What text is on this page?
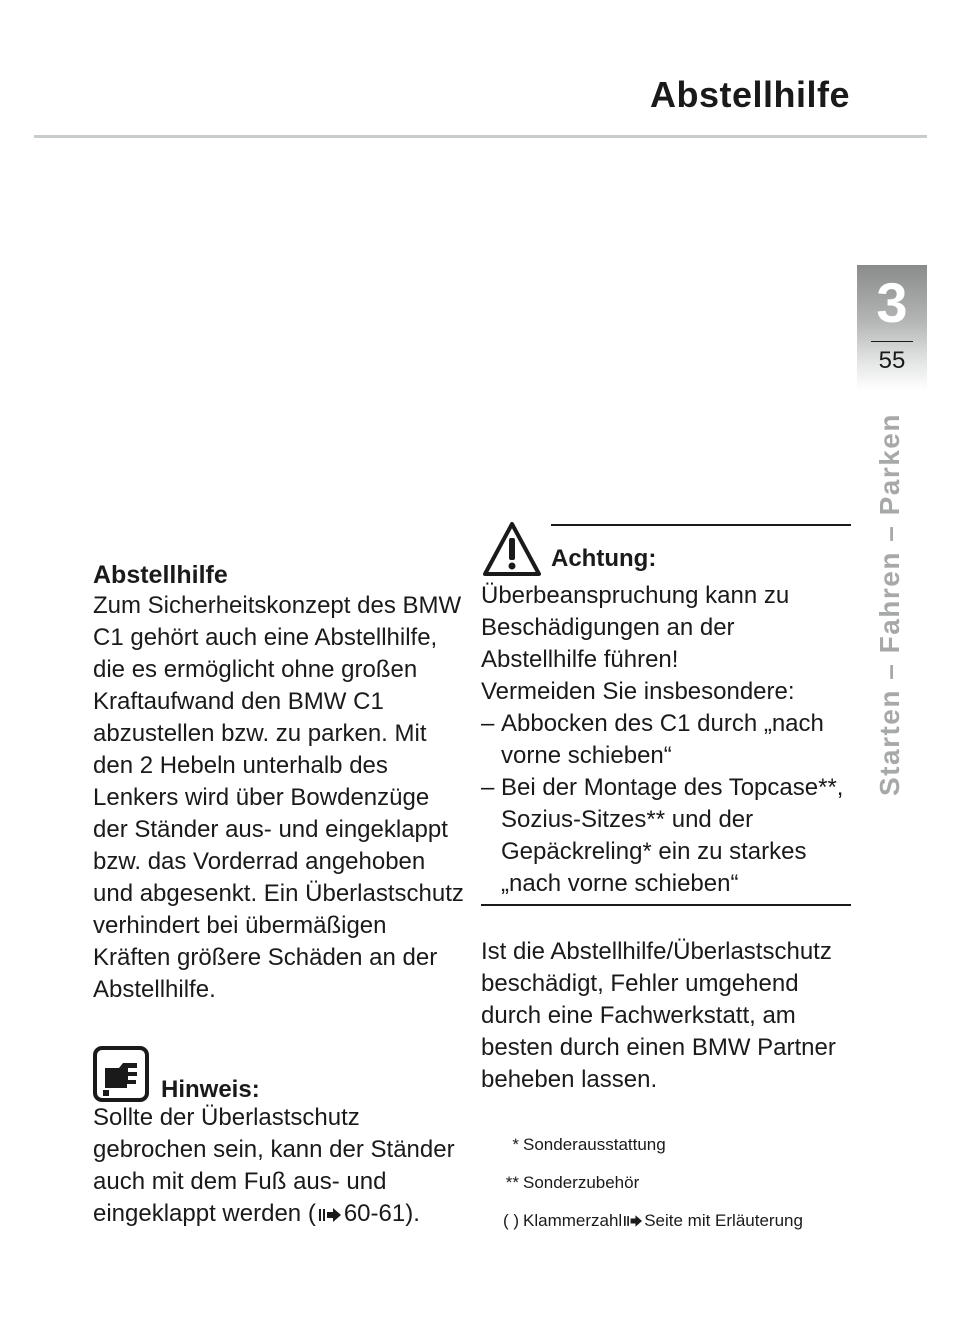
Abstellhilfe
3
55
Starten – Fahren – Parken
Abstellhilfe

Zum Sicherheitskonzept des BMW C1 gehört auch eine Abstellhilfe, die es ermöglicht ohne großen Kraftaufwand den BMW C1 abzustellen bzw. zu parken. Mit den 2 Hebeln unterhalb des Lenkers wird über Bowdenzüge der Ständer aus- und eingeklappt bzw. das Vorderrad angehoben und abgesenkt. Ein Überlastschutz verhindert bei übermäßigen Kräften größere Schäden an der Abstellhilfe.

Hinweis:

Sollte der Überlastschutz gebrochen sein, kann der Ständer auch mit dem Fuß aus- und eingeklappt werden ( 60-61).

Achtung:

Überbeanspruchung kann zu Beschädigungen an der Abstellhilfe führen!

Vermeiden Sie insbesondere:

– Abbocken des C1 durch „nach vorne schieben“
– Bei der Montage des Topcase**, Sozius-Sitzes** und der Gepäckreling* ein zu starkes „nach vorne schieben“

Ist die Abstellhilfe/Überlastschutz beschädigt, Fehler umgehend durch eine Fachwerkstatt, am besten durch einen BMW Partner beheben lassen.

* Sonderausstattung
** Sonderzubehör
( ) Klammerzahl Seite mit Erläuterung
